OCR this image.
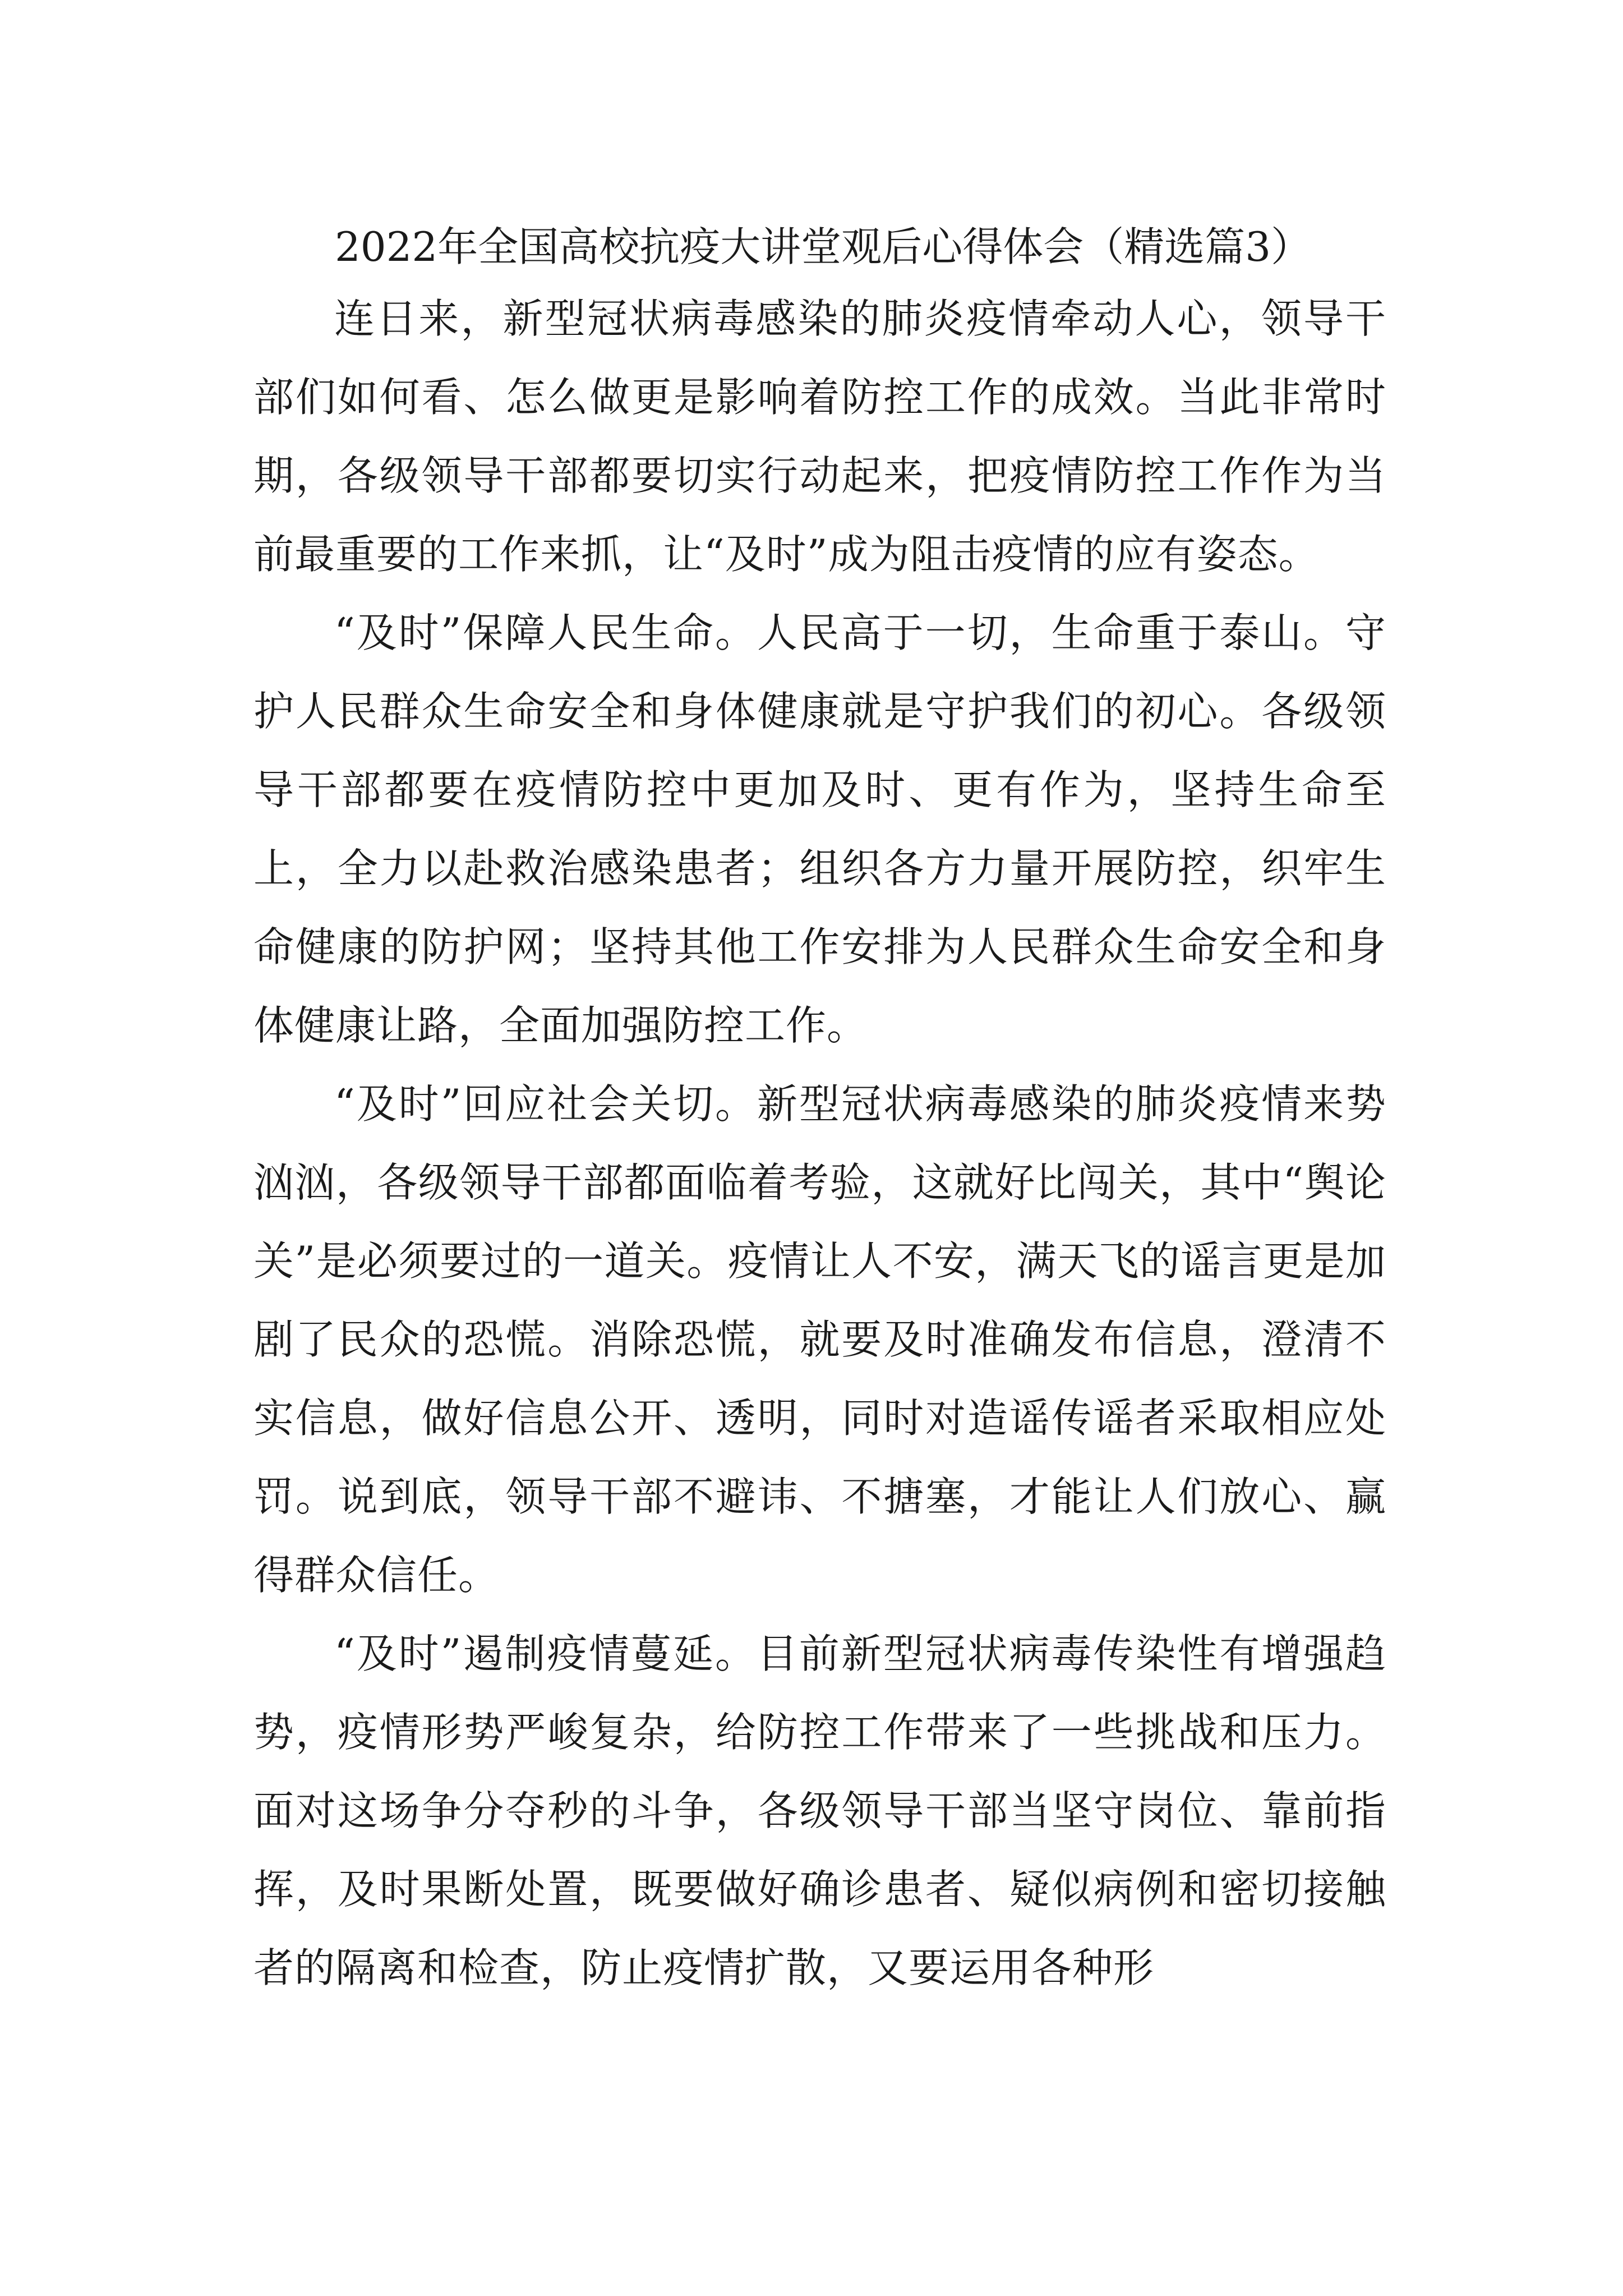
2022年全国高校抗疫大讲堂观后心得体会（精选篇3）

连日来，新型冠状病毒感染的肺炎疫情牵动人心，领导干部们如何看、怎么做更是影响着防控工作的成效。当此非常时期，各级领导干部都要切实行动起来，把疫情防控工作作为当前最重要的工作来抓，让“及时”成为阻击疫情的应有姿态。

“及时”保障人民生命。人民高于一切，生命重于泰山。守护人民群众生命安全和身体健康就是守护我们的初心。各级领导干部都要在疫情防控中更加及时、更有作为，坚持生命至上，全力以赴救治感染患者；组织各方力量开展防控，织牢生命健康的防护网；坚持其他工作安排为人民群众生命安全和身体健康让路，全面加强防控工作。

“及时”回应社会关切。新型冠状病毒感染的肺炎疫情来势汹汹，各级领导干部都面临着考验，这就好比闯关，其中“舆论关”是必须要过的一道关。疫情让人不安，满天飞的谣言更是加剧了民众的恐慌。消除恐慌，就要及时准确发布信息，澄清不实信息，做好信息公开、透明，同时对造谣传谣者采取相应处罚。说到底，领导干部不避讳、不搪塞，才能让人们放心、赢得群众信任。

“及时”遏制疫情蔓延。目前新型冠状病毒传染性有增强趋势，疫情形势严峻复杂，给防控工作带来了一些挑战和压力。面对这场争分夺秒的斗争，各级领导干部当坚守岗位、靠前指挥，及时果断处置，既要做好确诊患者、疑似病例和密切接触者的隔离和检查，防止疫情扩散，又要运用各种形
